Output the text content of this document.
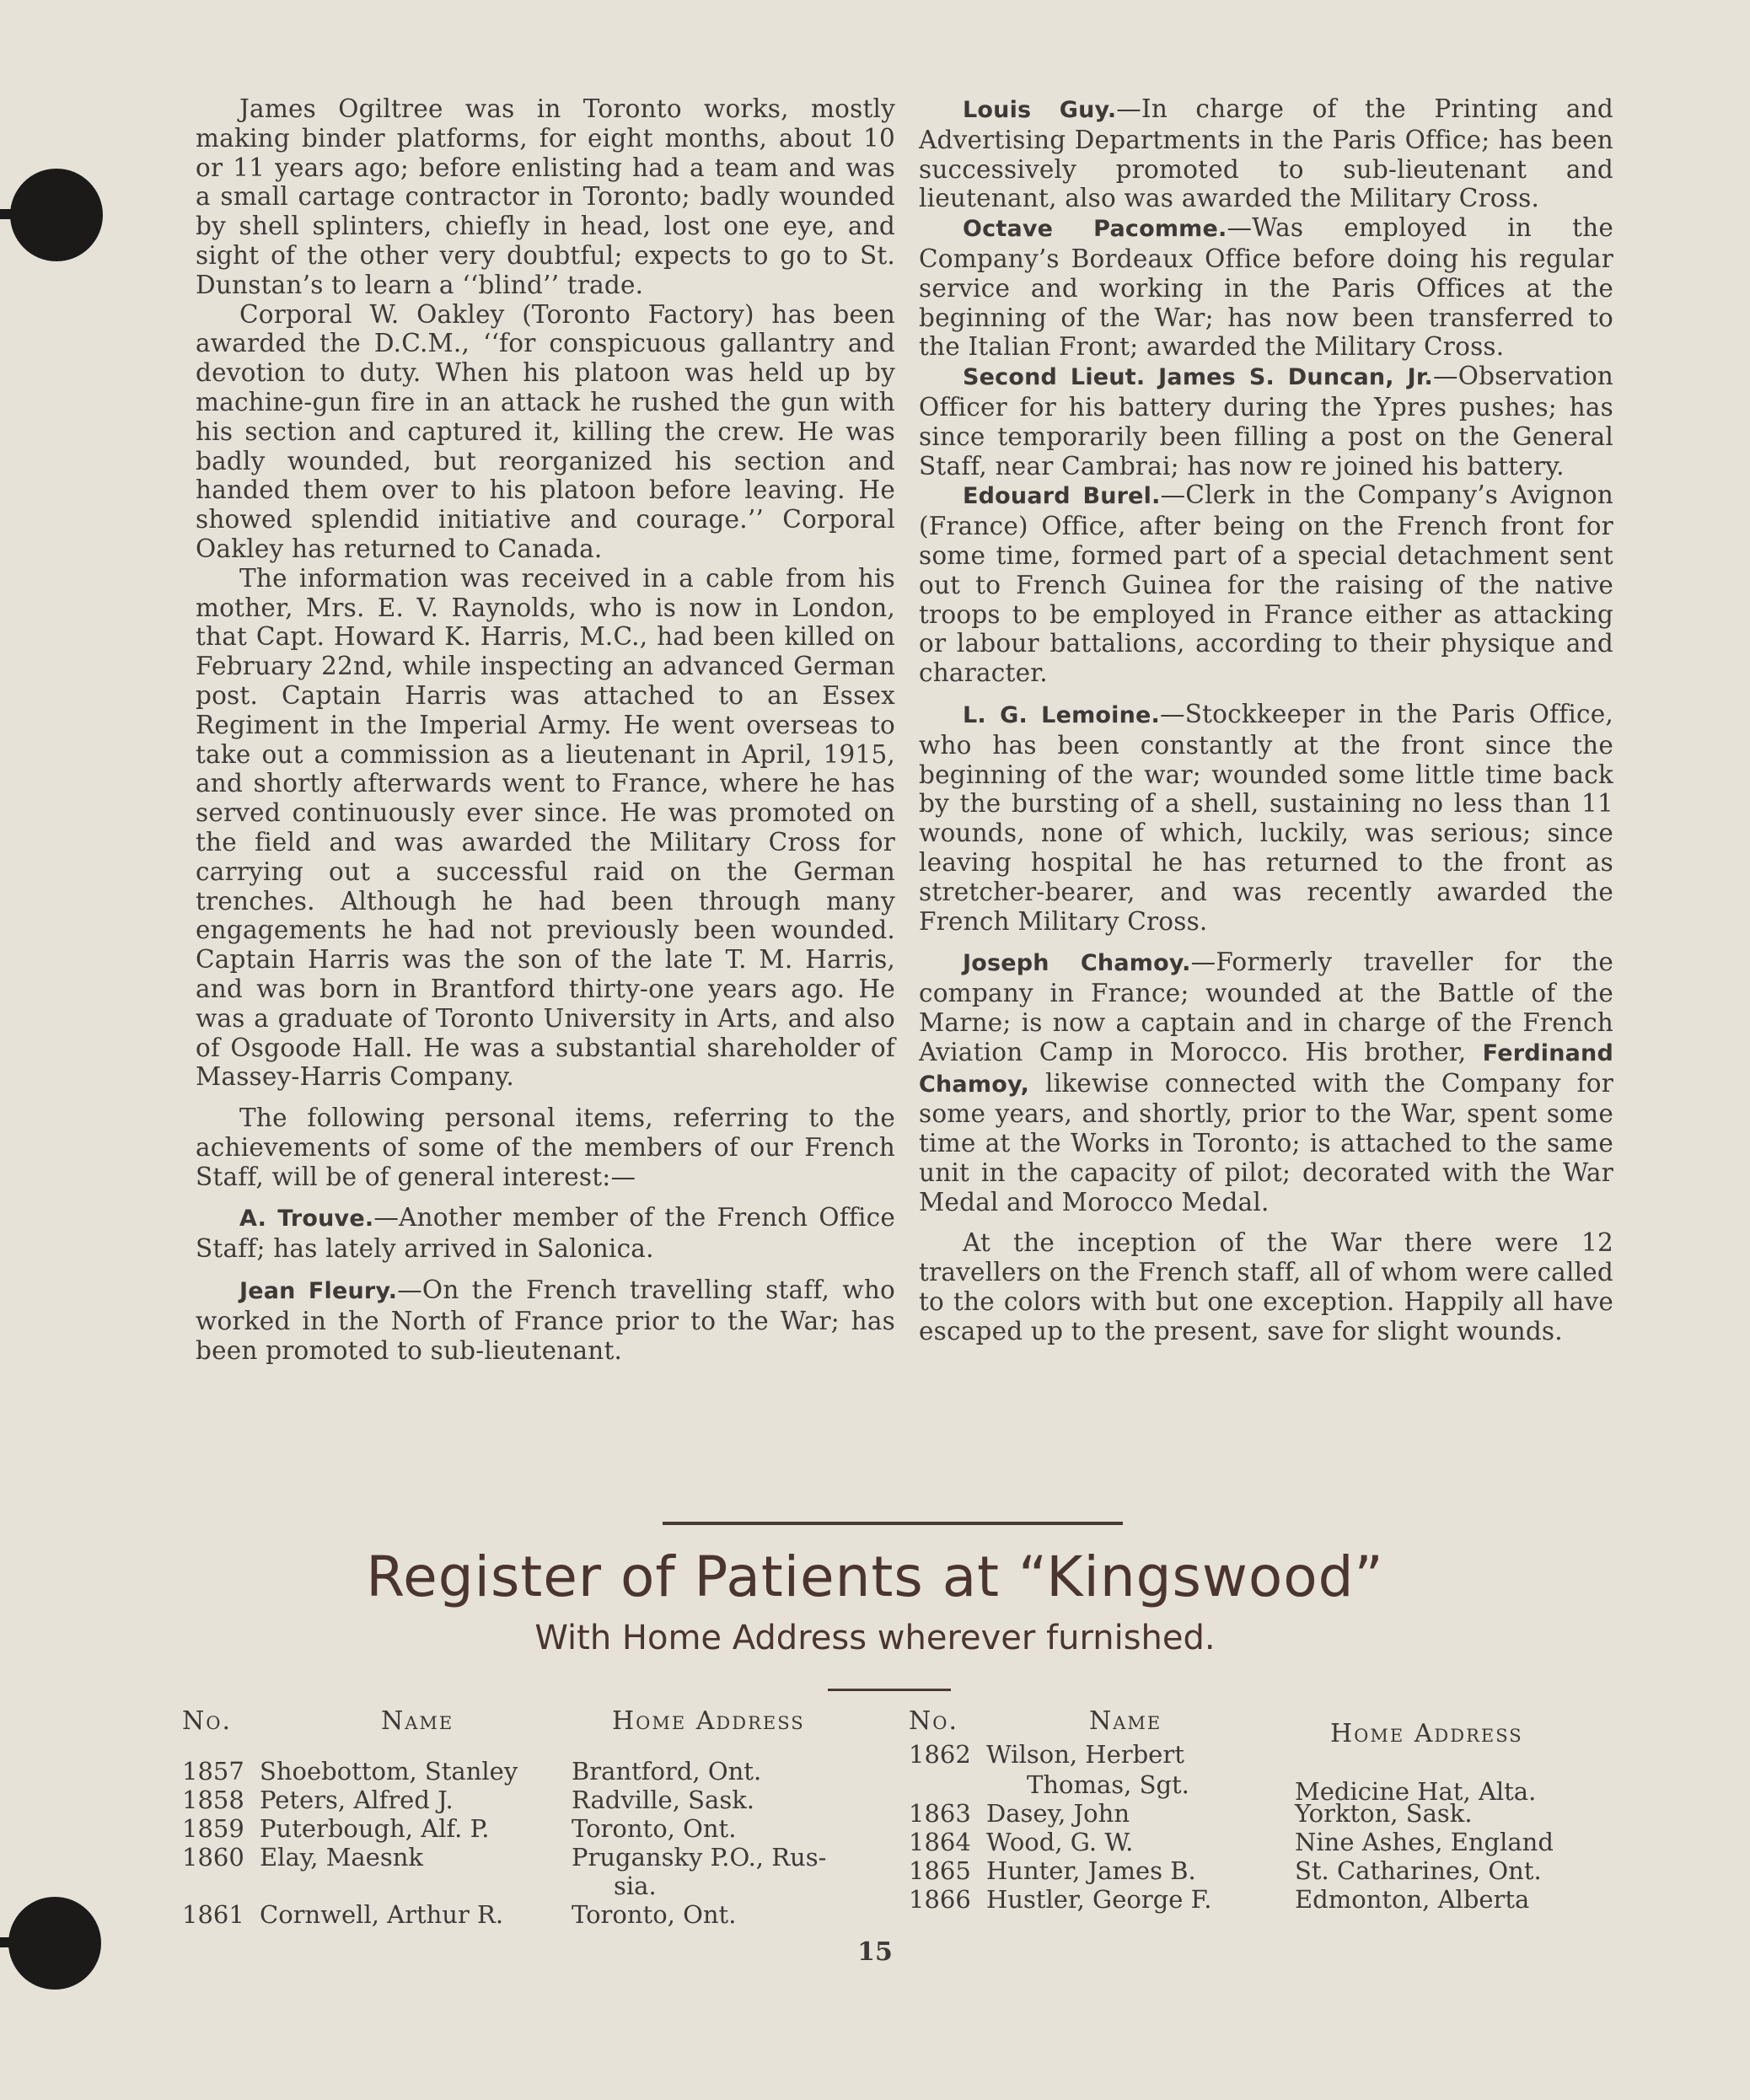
James Ogiltree was in Toronto works, mostly making binder platforms, for eight months, about 10 or 11 years ago; before enlisting had a team and was a small cartage contractor in Toronto; badly wounded by shell splinters, chiefly in head, lost one eye, and sight of the other very doubtful; expects to go to St. Dunstan’s to learn a ‘‘blind’’ trade.

Corporal W. Oakley (Toronto Factory) has been awarded the D.C.M., ‘‘for conspicuous gallantry and devotion to duty. When his platoon was held up by machine-gun fire in an attack he rushed the gun with his section and captured it, killing the crew. He was badly wounded, but reorganized his section and handed them over to his platoon before leaving. He showed splendid initiative and courage.’’ Corporal Oakley has returned to Canada.

The information was received in a cable from his mother, Mrs. E. V. Raynolds, who is now in London, that Capt. Howard K. Harris, M.C., had been killed on February 22nd, while inspecting an advanced German post. Captain Harris was attached to an Essex Regiment in the Imperial Army. He went overseas to take out a commission as a lieutenant in April, 1915, and shortly afterwards went to France, where he has served continuously ever since. He was promoted on the field and was awarded the Military Cross for carrying out a successful raid on the German trenches. Although he had been through many engagements he had not previously been wounded. Captain Harris was the son of the late T. M. Harris, and was born in Brantford thirty-one years ago. He was a graduate of Toronto University in Arts, and also of Osgoode Hall. He was a substantial shareholder of Massey-Harris Company.

The following personal items, referring to the achievements of some of the members of our French Staff, will be of general interest:—

A. Trouve.—Another member of the French Office Staff; has lately arrived in Salonica.

Jean Fleury.—On the French travelling staff, who worked in the North of France prior to the War; has been promoted to sub-lieutenant.

Louis Guy.—In charge of the Printing and Advertising Departments in the Paris Office; has been successively promoted to sub-lieutenant and lieutenant, also was awarded the Military Cross.

Octave Pacomme.—Was employed in the Company’s Bordeaux Office before doing his regular service and working in the Paris Offices at the beginning of the War; has now been transferred to the Italian Front; awarded the Military Cross.

Second Lieut. James S. Duncan, Jr.—Observation Officer for his battery during the Ypres pushes; has since temporarily been filling a post on the General Staff, near Cambrai; has now re joined his battery.

Edouard Burel.—Clerk in the Company’s Avignon (France) Office, after being on the French front for some time, formed part of a special detachment sent out to French Guinea for the raising of the native troops to be employed in France either as attacking or labour battalions, according to their physique and character.

L. G. Lemoine.—Stockkeeper in the Paris Office, who has been constantly at the front since the beginning of the war; wounded some little time back by the bursting of a shell, sustaining no less than 11 wounds, none of which, luckily, was serious; since leaving hospital he has returned to the front as stretcher-bearer, and was recently awarded the French Military Cross.

Joseph Chamoy.—Formerly traveller for the company in France; wounded at the Battle of the Marne; is now a captain and in charge of the French Aviation Camp in Morocco. His brother, Ferdinand Chamoy, likewise connected with the Company for some years, and shortly, prior to the War, spent some time at the Works in Toronto; is attached to the same unit in the capacity of pilot; decorated with the War Medal and Morocco Medal.

At the inception of the War there were 12 travellers on the French staff, all of whom were called to the colors with but one exception. Happily all have escaped up to the present, save for slight wounds.

Register of Patients at “Kingswood”
With Home Address wherever furnished.
No.	Name	Home Address
1857 Shoebottom, Stanley Brantford, Ont.
1858 Peters, Alfred J.	Radville, Sask.
1859 Puterbough, Alf. P.	Toronto, Ont.
1860 Elay, Maesnk	Prugansky P.O., Rus-
sia.
1861 Cornwell, Arthur R.	Toronto, Ont.
No.	Name	Home Address
1862 Wilson, Herbert
Thomas, Sgt.	Medicine Hat, Alta.
1863 Dasey, John	Yorkton, Sask.
1864 Wood, G. W.	Nine Ashes, England
1865 Hunter, James B.	St. Catharines, Ont.
1866 Hustler, George F.	Edmonton, Alberta
15
